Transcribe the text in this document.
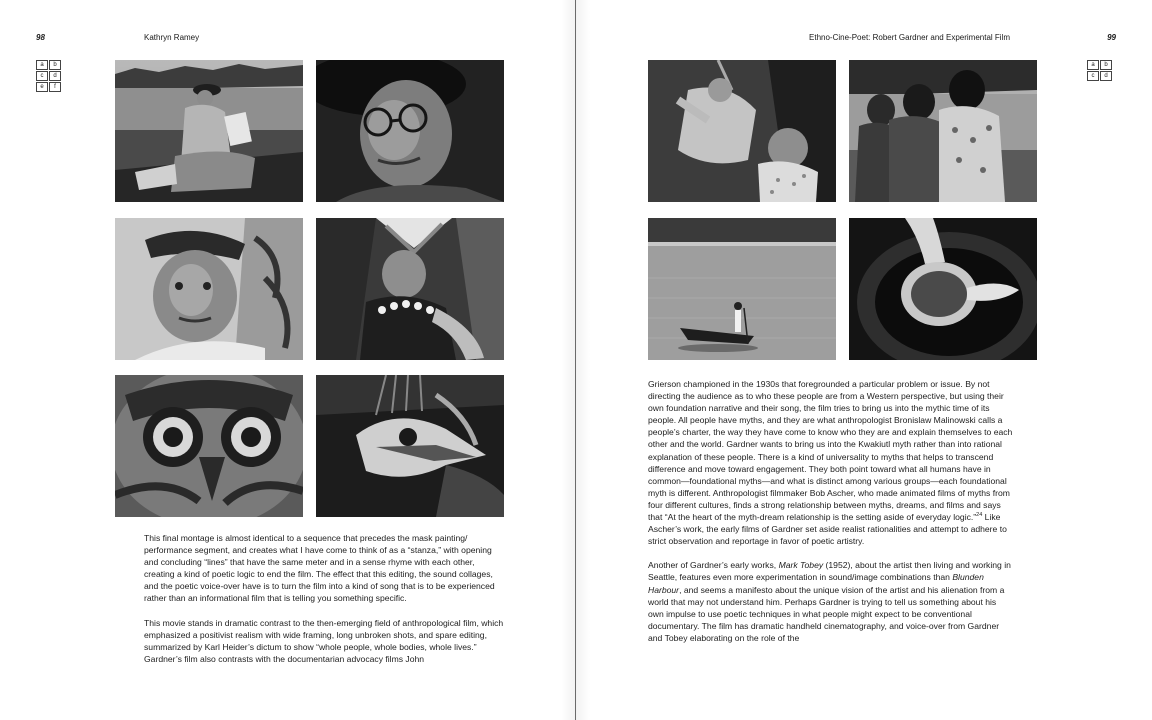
98	Kathryn Ramey
a	b
c	d
e	f

This final montage is almost identical to a sequence that precedes the mask painting/ performance segment, and creates what I have come to think of as a “stanza,” with opening and concluding “lines” that have the same meter and in a sense rhyme with each other, creating a kind of poetic logic to end the film. The effect that this editing, the sound collages, and the poetic voice-over have is to turn the film into a kind of song that is to be experienced rather than an informational film that is telling you something specific.

This movie stands in dramatic contrast to the then-emerging field of anthropological film, which emphasized a positivist realism with wide framing, long unbroken shots, and spare editing, summarized by Karl Heider’s dictum to show “whole people, whole bodies, whole lives.” Gardner’s film also contrasts with the documentarian advocacy films John

Ethno-Cine-Poet: Robert Gardner and Experimental Film	99
a	b
c	d

Grierson championed in the 1930s that foregrounded a particular problem or issue. By not directing the audience as to who these people are from a Western perspective, but using their own foundation narrative and their song, the film tries to bring us into the mythic time of its people. All people have myths, and they are what anthropologist Bronislaw Malinowski calls a people’s charter, the way they have come to know who they are and explain themselves to each other and the world. Gardner wants to bring us into the Kwakiutl myth rather than into rational explanation of these people. There is a kind of universality to myths that helps to transcend difference and move toward engagement. They both point toward what all humans have in common—foundational myths—and what is distinct among various groups—each foundational myth is different. Anthropologist filmmaker Bob Ascher, who made animated films of myths from four different cultures, finds a strong relationship between myths, dreams, and films and says that “At the heart of the myth-dream relationship is the setting aside of everyday logic.”$^{24}$ Like Ascher’s work, the early films of Gardner set aside realist rationalities and attempt to adhere to strict observation and reportage in favor of poetic artistry.

Another of Gardner’s early works, Mark Tobey (1952), about the artist then living and working in Seattle, features even more experimentation in sound/image combinations than Blunden Harbour, and seems a manifesto about the unique vision of the artist and his alienation from a world that may not understand him. Perhaps Gardner is trying to tell us something about his own impulse to use poetic techniques in what people might expect to be conventional documentary. The film has dramatic handheld cinematography, and voice-over from Gardner and Tobey elaborating on the role of the
